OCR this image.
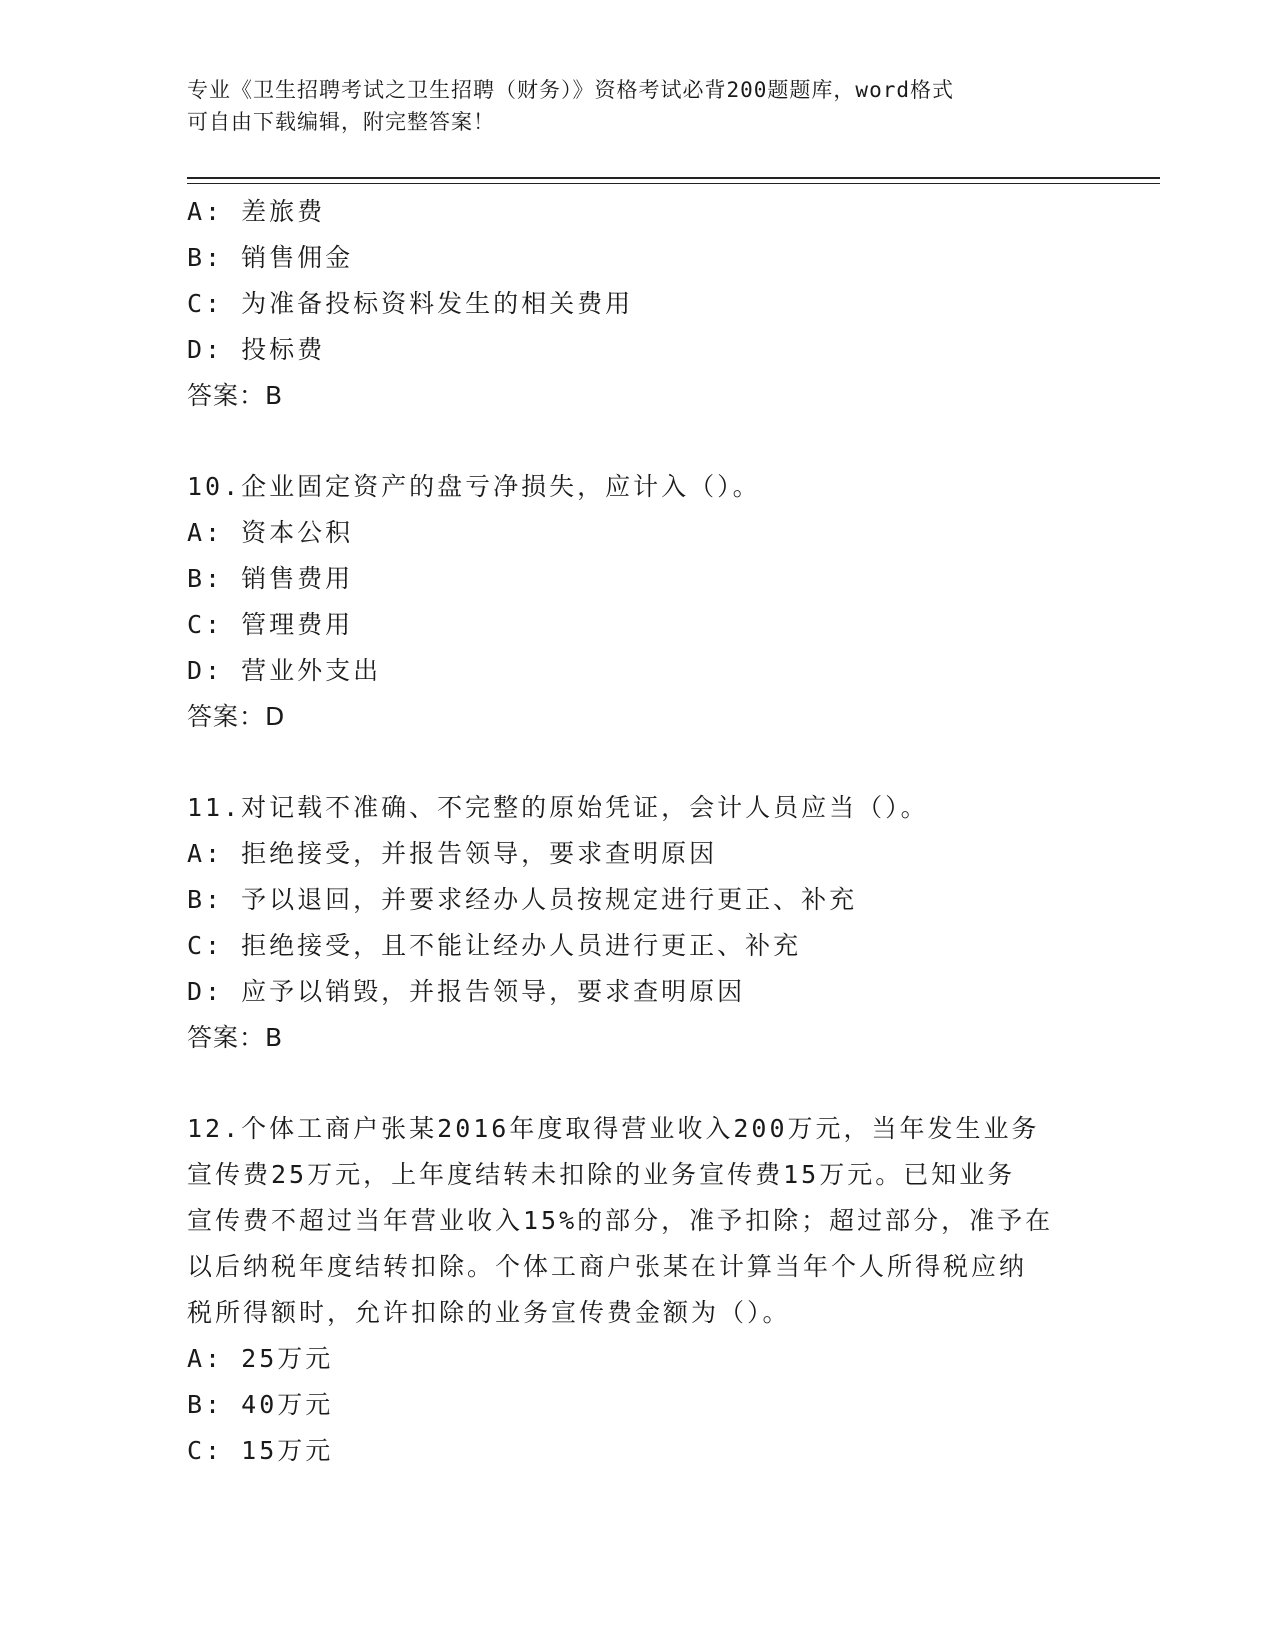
专业《卫生招聘考试之卫生招聘（财务）》资格考试必背200题题库，word格式
可自由下载编辑，附完整答案！
A: 差旅费
B: 销售佣金
C: 为准备投标资料发生的相关费用
D: 投标费
答案：B
10.企业固定资产的盘亏净损失，应计入（）。
A: 资本公积
B: 销售费用
C: 管理费用
D: 营业外支出
答案：D
11.对记载不准确、不完整的原始凭证，会计人员应当（）。
A: 拒绝接受，并报告领导，要求查明原因
B: 予以退回，并要求经办人员按规定进行更正、补充
C: 拒绝接受，且不能让经办人员进行更正、补充
D: 应予以销毁，并报告领导，要求查明原因
答案：B
12.个体工商户张某2016年度取得营业收入200万元，当年发生业务
宣传费25万元，上年度结转未扣除的业务宣传费15万元。已知业务
宣传费不超过当年营业收入15%的部分，准予扣除；超过部分，准予在
以后纳税年度结转扣除。个体工商户张某在计算当年个人所得税应纳
税所得额时，允许扣除的业务宣传费金额为（）。
A: 25万元
B: 40万元
C: 15万元
